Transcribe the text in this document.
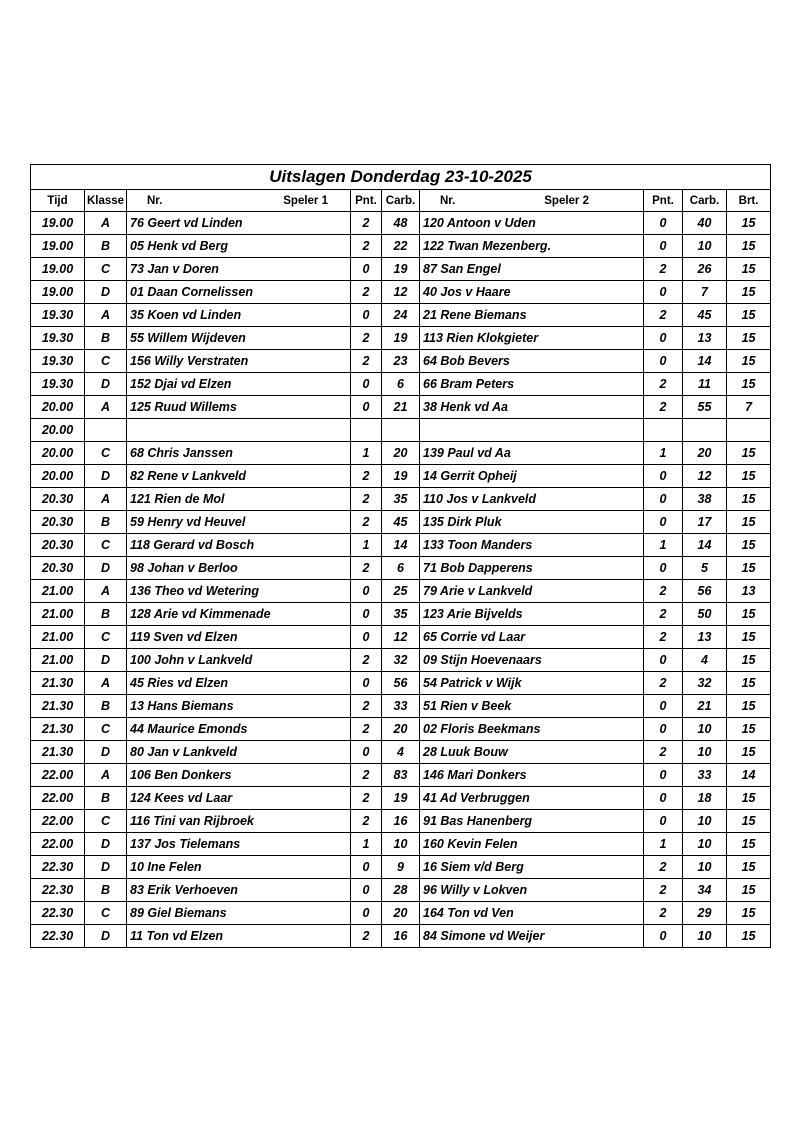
Uitslagen Donderdag 23-10-2025								
Tijd	Klasse	Nr. Speler 1	Pnt.	Carb.	Nr. Speler 2	Pnt.	Carb.	Brt.
19.00	A	76 Geert vd Linden	2	48	120 Antoon v Uden	0	40	15
19.00	B	05 Henk vd Berg	2	22	122 Twan Mezenberg.	0	10	15
19.00	C	73 Jan v Doren	0	19	87 San Engel	2	26	15
19.00	D	01 Daan Cornelissen	2	12	40 Jos v Haare	0	7	15
19.30	A	35 Koen vd Linden	0	24	21 Rene Biemans	2	45	15
19.30	B	55 Willem Wijdeven	2	19	113 Rien Klokgieter	0	13	15
19.30	C	156 Willy Verstraten	2	23	64 Bob Bevers	0	14	15
19.30	D	152 Djai vd Elzen	0	6	66 Bram Peters	2	11	15
20.00	A	125 Ruud Willems	0	21	38 Henk vd Aa	2	55	7
20.00								
20.00	C	68 Chris Janssen	1	20	139 Paul vd Aa	1	20	15
20.00	D	82 Rene v Lankveld	2	19	14 Gerrit Opheij	0	12	15
20.30	A	121 Rien de Mol	2	35	110 Jos v Lankveld	0	38	15
20.30	B	59 Henry vd Heuvel	2	45	135 Dirk Pluk	0	17	15
20.30	C	118 Gerard vd Bosch	1	14	133 Toon Manders	1	14	15
20.30	D	98 Johan v Berloo	2	6	71 Bob Dapperens	0	5	15
21.00	A	136 Theo vd Wetering	0	25	79 Arie v Lankveld	2	56	13
21.00	B	128 Arie vd Kimmenade	0	35	123 Arie Bijvelds	2	50	15
21.00	C	119 Sven vd Elzen	0	12	65 Corrie vd Laar	2	13	15
21.00	D	100 John v Lankveld	2	32	09 Stijn Hoevenaars	0	4	15
21.30	A	45 Ries vd Elzen	0	56	54 Patrick v Wijk	2	32	15
21.30	B	13 Hans Biemans	2	33	51 Rien v Beek	0	21	15
21.30	C	44 Maurice Emonds	2	20	02 Floris Beekmans	0	10	15
21.30	D	80 Jan v Lankveld	0	4	28 Luuk Bouw	2	10	15
22.00	A	106 Ben Donkers	2	83	146 Mari Donkers	0	33	14
22.00	B	124 Kees vd Laar	2	19	41 Ad Verbruggen	0	18	15
22.00	C	116 Tini van Rijbroek	2	16	91 Bas Hanenberg	0	10	15
22.00	D	137 Jos Tielemans	1	10	160 Kevin Felen	1	10	15
22.30	D	10 Ine Felen	0	9	16 Siem v/d Berg	2	10	15
22.30	B	83 Erik Verhoeven	0	28	96 Willy v Lokven	2	34	15
22.30	C	89 Giel Biemans	0	20	164 Ton vd Ven	2	29	15
22.30	D	11 Ton vd Elzen	2	16	84 Simone vd Weijer	0	10	15
